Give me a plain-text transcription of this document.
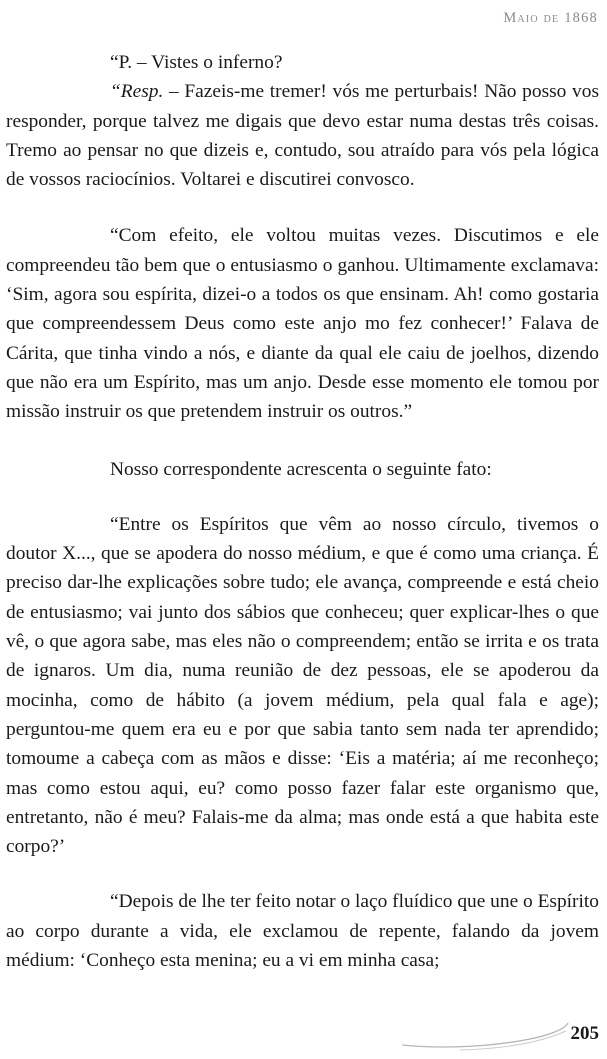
Maio de 1868

“P. – Vistes o inferno?

“Resp. – Fazeis-me tremer! vós me perturbais! Não posso vos responder, porque talvez me digais que devo estar numa destas três coisas. Tremo ao pensar no que dizeis e, contudo, sou atraído para vós pela lógica de vossos raciocínios. Voltarei e discutirei convosco.

“Com efeito, ele voltou muitas vezes. Discutimos e ele compreendeu tão bem que o entusiasmo o ganhou. Ultimamente exclamava: ‘Sim, agora sou espírita, dizei-o a todos os que ensinam. Ah! como gostaria que compreendessem Deus como este anjo mo fez conhecer!’ Falava de Cárita, que tinha vindo a nós, e diante da qual ele caiu de joelhos, dizendo que não era um Espírito, mas um anjo. Desde esse momento ele tomou por missão instruir os que pretendem instruir os outros.”

Nosso correspondente acrescenta o seguinte fato:

“Entre os Espíritos que vêm ao nosso círculo, tivemos o doutor X..., que se apodera do nosso médium, e que é como uma criança. É preciso dar-lhe explicações sobre tudo; ele avança, compreende e está cheio de entusiasmo; vai junto dos sábios que conheceu; quer explicar-lhes o que vê, o que agora sabe, mas eles não o compreendem; então se irrita e os trata de ignaros. Um dia, numa reunião de dez pessoas, ele se apoderou da mocinha, como de hábito (a jovem médium, pela qual fala e age); perguntou-me quem era eu e por que sabia tanto sem nada ter aprendido; tomoume a cabeça com as mãos e disse: ‘Eis a matéria; aí me reconheço; mas como estou aqui, eu? como posso fazer falar este organismo que, entretanto, não é meu? Falais-me da alma; mas onde está a que habita este corpo?’

“Depois de lhe ter feito notar o laço fluídico que une o Espírito ao corpo durante a vida, ele exclamou de repente, falando da jovem médium: ‘Conheço esta menina; eu a vi em minha casa;

205
